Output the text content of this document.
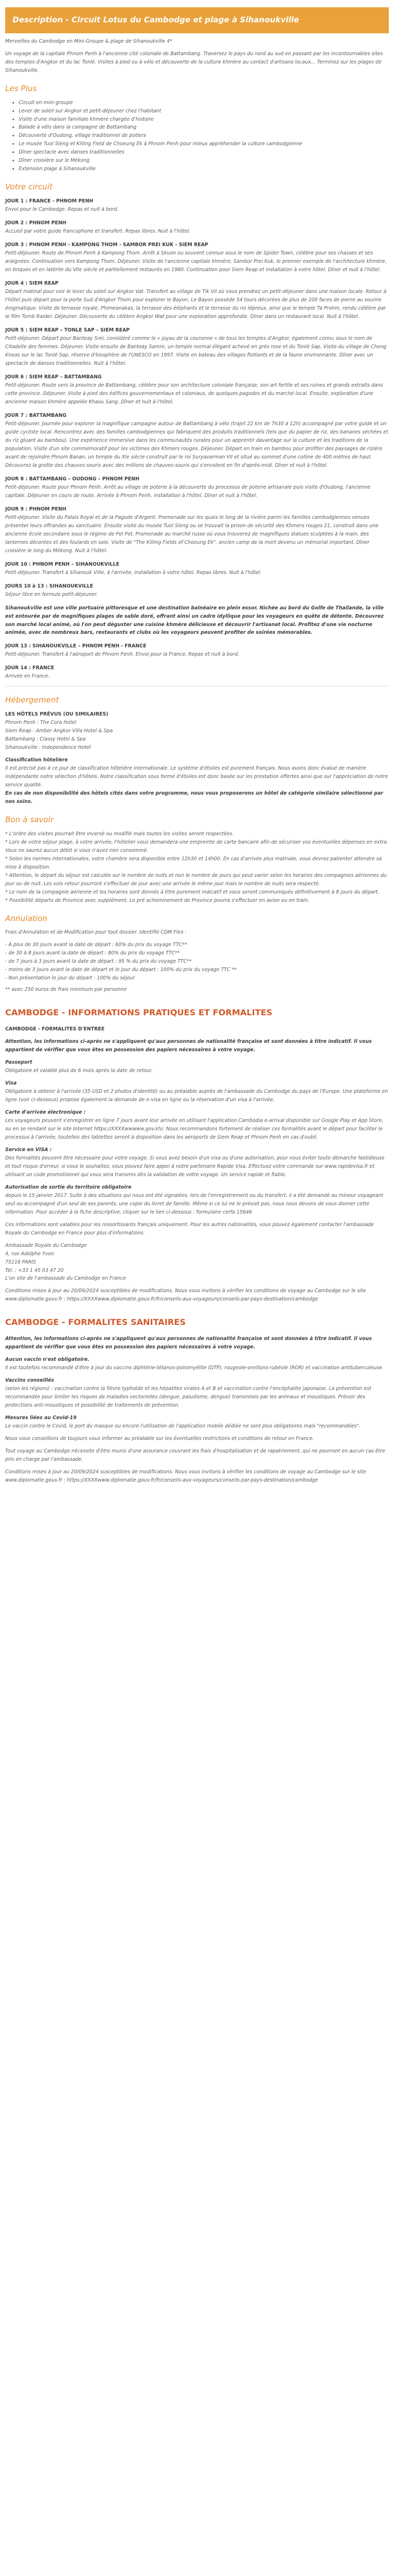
Description - Circuit Lotus du Cambodge et plage à Sihanoukville

Merveilles du Cambodge en Mini-Groupe & plage de Sihanoukville 4*

Un voyage de la capitale Phnom Penh à l'ancienne cité coloniale de Battambang. Traversez le pays du nord au sud en passant par les incontournables sites des temples d'Angkor et du lac Tonlé. Visites à pied ou à vélo et découverte de la culture khmère au contact d'artisans locaux... Terminez sur les plages de Sihanoukville.

Les Plus
• Circuit en mini-groupe
• Lever de soleil sur Angkor et petit-déjeuner chez l'habitant
• Visite d'une maison familiale khmère chargée d'histoire
• Balade à vélo dans la campagne de Battambang
• Découverte d'Oudong, village traditionnel de potiers
• Le musée Tuol Sleng et Killing Field de Choeung Ek à Phnom Penh pour mieux appréhender la culture cambodgienne
• Dîner spectacle avec danses traditionnelles
• Dîner croisière sur le Mékong
• Extension plage à Sihanoukville
Votre circuit
JOUR 1 : FRANCE - PHNOM PENH
Envol pour le Cambodge. Repas et nuit à bord.
JOUR 2 : PHNOM PENH
Accueil par votre guide francophone et transfert. Repas libres. Nuit à l'hôtel.
JOUR 3 : PHNOM PENH - KAMPONG THOM - SAMBOR PREI KUK - SIEM REAP
Petit-déjeuner. Route de Phnom Penh à Kampong Thom. Arrêt à Skuon ou souvent connue sous le nom de Spider Town, célèbre pour ses chasses et ses araignées. Continuation vers Kampong Thom. Déjeuner. Visite de l'ancienne capitale khmère, Sambor Prei Kuk, le premier exemple de l'architecture khmère, en briques et en latérite du VIIe siècle et partiellement restaurés en 1980. Continuation pour Siem Reap et installation à votre hôtel. Dîner et nuit à l'hôtel.
JOUR 4 : SIEM REAP
Départ matinal pour voir le lever du soleil sur Angkor Vat. Transfert au village de Tik Vil où vous prendrez un petit-déjeuner dans une maison locale. Retour à l'hôtel puis départ pour la porte Sud d'Angkor Thom pour explorer le Bayon, Le Bayon possède 54 tours décorées de plus de 200 faces de pierre au sourire énigmatique. Visite de terrasse royale, Phimeanakas, la terrasse des éléphants et le terrasse du roi lépreux, ainsi que le temple Ta Prohm, rendu célèbre par le film Tomb Raider. Déjeuner. Découverte du célèbre Angkor Wat pour une exploration approfondie. Dîner dans un restaurant local. Nuit à l'hôtel.
JOUR 5 : SIEM REAP – TONLE SAP – SIEM REAP
Petit-déjeuner. Départ pour Banteay Srei, considéré comme le « joyau de la couronne » de tous les temples d'Angkor, également connu sous le nom de Citadelle des femmes. Déjeuner. Visite ensuite de Banteay Samre, un temple normal élégant achevé en grès rose et du Tonlé Sap. Visite du village de Chong Kneas sur le lac Tonlé Sap, réserve d'biosphère de l'UNESCO en 1997. Visite en bateau des villages flottants et de la faune environnante. Dîner avec un spectacle de danses traditionnelles. Nuit à l'hôtel.
JOUR 6 : SIEM REAP – BATTAMBANG
Petit-déjeuner. Route vers la province de Battambang, célèbre pour son architecture coloniale française, son art fertile et ses ruines et grands extraits dans cette province. Déjeuner. Visite à pied des édifices gouvernementaux et coloniaux, de quelques pagodes et du marché local. Ensuite, exploration d'une ancienne maison khmère appelée Khaou Sang. Dîner et nuit à l'hôtel.
JOUR 7 : BATTAMBANG
Petit-déjeuner. Journée pour explorer la magnifique campagne autour de Battambang à vélo (trajet 22 km de 7h30 à 12h) accompagné par votre guide et un guide cycliste local. Rencontrez avec des familles cambodgiennes qui fabriquent des produits traditionnels (tels que du papier de riz, des bananes séchées et du riz gluant au bambou). Une expérience immersive dans les communautés rurales pour un apprentir davantage sur la culture et les traditions de la population. Visite d'un site commémoratif pour les victimes des Khmers rouges. Déjeuner. Départ en train en bambou pour profiter des paysages de rizière avant de rejoindre Phnom Banan, un temple du Xle siècle construit par le roi Suryavarman VII et situé au sommet d'une colline de 400 mètres de haut. Découvrez la grotte des chauves-souris avec des millions de chauves-souris qui s'envolent en fin d'après-midi. Dîner et nuit à l'hôtel.
JOUR 8 : BATTAMBANG – OUDONG – PHNOM PENH
Petit-déjeuner. Route pour Phnom Penh. Arrêt au village de poterie à la découverte du processus de poterie artisanale puis visite d'Oudong, l'ancienne capitale. Déjeuner en cours de route. Arrivée à Phnom Penh, installation à l'hôtel. Dîner et nuit à l'hôtel.
JOUR 9 : PHNOM PENH
Petit-déjeuner. Visite du Palais Royal et de la Pagode d'Argent. Promenade sur les quais le long de la rivière parmi les familles cambodgiennes venues présenter leurs offrandes au sanctuaire. Ensuite visite du musée Tuol Sleng ou se trouvait la prison de sécurité des Khmers rouges 21, construit dans une ancienne école secondaire sous le régime de Pol Pot. Promenade au marché russe où vous trouverez de magnifiques statues sculptées à la main, des lanternes décorées et des foulards en soie. Visite de "The Killing Fields of Choeung Ek", ancien camp de la mort devenu un mémorial important. Dîner croisière le long du Mékong. Nuit à l'hôtel.
JOUR 10 : PHNOM PENH – SIHANOUKVILLE
Petit-déjeuner. Transfert à Sihanouk Ville, à l'arrivée, installation à votre hôtel. Repas libres. Nuit à l'hôtel.
JOURS 10 à 13 : SIHANOUKVILLE
Séjour libre en formule petit-déjeuner.
Sihanoukville est une ville portuaire pittoresque et une destination balnéaire en plein essor. Nichée au bord du Golfe de Thaïlande, la ville est entourée par de magnifiques plages de sable doré, offrant ainsi un cadre idyllique pour les voyageurs en quête de détente. Découvrez son marché local animé, où l'on peut déguster une cuisine khmère délicieuse et découvrir l'artisanat local. Profitez d'une vie nocturne animée, avec de nombreux bars, restaurants et clubs où les voyageurs peuvent profiter de soirées mémorables.
JOUR 13 : SIHANOUKVILLE – PHNOM PENH - FRANCE
Petit-déjeuner. Transfert à l'aéroport de Phnom Penh. Envol pour la France. Repas et nuit à bord.
JOUR 14 : FRANCE
Arrivée en France.
Hébergement
LES HÔTELS PRÉVUS (OU SIMILAIRES)
Phnom Penh : The Cora Hotel
Siem Reap : Amber Angkor Villa Hotel & Spa
Battambang : Classy Hotel & Spa
Sihanoukville : Independence Hotel
Classification hôtelière

Il est précisé pas à ce jour de classification hôtelière internationale. Le système d'étoiles est purement français. Nous avons donc évalué de manière indépendante notre sélection d'hôtels. Notre classification sous forme d'étoiles est donc basée sur les prestation offertes ainsi que sur l'appréciation de notre service qualité.

En cas de non disponibilité des hôtels cités dans votre programme, nous vous proposerons un hôtel de catégorie similaire sélectionné par nos soins.

Bon à savoir
* L'ordre des visites pourrait être inversé ou modifié mais toutes les visites seront respectées.
* Lors de votre séjour plage, à votre arrivée, l'hôtelier vous demandera une empreinte de carte bancaire afin de sécuriser vos éventuelles dépenses en extra. Vous ne saurez aucun débit si vous n'avez rien consommé.
* Selon les normes internationales, votre chambre sera disponible entre 12h30 et 14h00. En cas d'arrivée plus matinale, vous devrez patienter attendre sa mise à disposition.
* Attention, le départ du séjour est calculée sur le nombre de nuits et non le nombre de jours qui peut varier selon les horaires des compagnies aériennes du jour ou de nuit. Les vols retour pourront s'effectuer de jour avec une arrivée le même jour mais le nombre de nuits sera respecté.
* Le nom de la compagnie aérienne et les horaires sont donnés à titre purement indicatif et vous seront communiqués définitivement à 8 jours du départ.
* Possibilité départs de Province avec supplément. Le pré acheminement de Province pourra s'effectuer en avion ou en train.
Annulation

Frais d'Annulation et de Modification pour tout dossier. Identifié CDM Flex :

- À plus de 30 jours avant la date de départ : 60% du prix du voyage TTC**
- de 30 à 8 jours avant la date de départ : 80% du prix du voyage TTC**
- de 7 jours à 3 jours avant la date de départ : 95 % du prix du voyage TTC**
- moins de 3 jours avant la date de départ et le jour du départ : 100% du prix du voyage TTC **
- Non présentation le jour du départ : 100% du séjour

** avec 250 euros de frais minimum par personne

CAMBODGE - INFORMATIONS PRATIQUES ET FORMALITES
CAMBODGE - FORMALITES D'ENTREE

Attention, les informations ci-après ne s'appliquent qu'aux personnes de nationalité française et sont données à titre indicatif. Il vous appartient de vérifier que vous êtes en possession des papiers nécessaires à votre voyage.

Passeport
Obligatoire et valable plus de 6 mois après la date de retour.
Visa
Obligatoire à obtenir à l'arrivée (35 USD et 2 photos d'identité) ou au préalable auprès de l'ambassade du Cambodge du pays de l'Europe. Une plateforme en ligne (voir ci-dessous) propose également la demande de e-visa en ligne ou la réservation d'un visa à l'arrivée.
Carte d'arrivée électronique :
Les voyageurs peuvent s'enregistrer en ligne 7 jours avant leur arrivée en utilisant l'application Cambodia e-arrival disponible sur Google Play et App Store, ou en se rendant sur le site Internet https://XXXXwwwww.gov.kh/. Nous recommandons fortement de réaliser ces formalités avant le départ pour faciliter le processus à l'arrivée, toutefois des tablettes seront à disposition dans les aéroports de Siem Reap et Phnom Penh en cas d'oubli.
Service en VISA :
Des formalités peuvent être nécessaire pour votre voyage. Si vous avez besoin d'un visa ou d'une autorisation, pour vous éviter toute démarche fastidieuse et tout risque d'erreur, si vous le souhaitez, vous pouvez faire appel à notre partenaire Rapide Visa. Effectuez votre commande sur www.rapidevisa.fr et utilisant un code promotionnel qui vous sera transmis dès la validation de votre voyage. Un service rapide et fiable.
Autorisation de sortie du territoire obligatoire
depuis le 15 janvier 2017. Suite à des situations qui nous ont été signalées, lors de l'enregistrement ou du transfert, il a été demandé au mineur voyageant seul ou accompagné d'un seul de ses parents, une copie du livret de famille. Même si ce lui ne le prévoit pas, nous nous devons de vous donner cette information. Pour accéder à la fiche descriptive, cliquer sur le lien ci-dessous : formulaire cerfa 15646
Ces informations sont valables pour les ressortissants français uniquement. Pour les autres nationalités, vous pouvez également contacter l'ambassade Royale du Cambodge en France pour plus d'informations.
Ambassade Royale du Cambodge
4, rue Adolphe Yvon
75116 PARIS
Tél. : +33 1 45 03 47 20
L'on site de l'ambassade du Cambodge en France
Conditions mises à jour au 20/09/2024 susceptibles de modifications. Nous vous invitons à vérifier les conditions de voyage au Cambodge sur le site www.diplomatie.gouv.fr : https://XXXXwww.diplomatie.gouv.fr/fr/conseils-aux-voyageurs/conseils-par-pays-destination/cambodge
CAMBODGE - FORMALITES SANITAIRES

Attention, les informations ci-après ne s'appliquent qu'aux personnes de nationalité française et sont données à titre indicatif. Il vous appartient de vérifier que vous êtes en possession des papiers nécessaires à votre voyage.

Aucun vaccin n'est obligatoire.
Il est toutefois recommandé d'être à jour du vaccins diphtérie-tétanos-poliomyélite (DTP), rougeole-oreillons-rubéole (ROR) et vaccination antituberculeuse.
Vaccins conseillés
(selon les régions) : vaccination contre la fièvre typhoïde et les hépatites virales A et B et vaccination contre l'encéphalite japonaise. La prévention est recommandée pour limiter les risques de maladies vectorielles (dengue, paludisme, dengue) transmises par les animaux et moustiques. Prévoir des protections anti-moustiques et possibilité de traitements de prévention.
Mesures liées au Covid-19
Le vaccin contre le Covid, le port du masque ou encore l'utilisation de l'application mobile dédiée ne sont plus obligatoires mais "recommandées".
Nous vous conseillons de toujours vous informer au préalable sur les éventuelles restrictions et conditions de retour en France.
Tout voyage au Cambodge nécessite d'être munis d'une assurance couvrant les frais d'hospitalisation et de rapatriement, qui ne pourront en aucun cas être pris en charge par l'ambassade.
Conditions mises à jour au 20/09/2024 susceptibles de modifications. Nous vous invitons à vérifier les conditions de voyage au Cambodge sur le site www.diplomatie.gouv.fr : https://XXXXwww.diplomatie.gouv.fr/fr/conseils-aux-voyageurs/conseils-par-pays-destination/cambodge
